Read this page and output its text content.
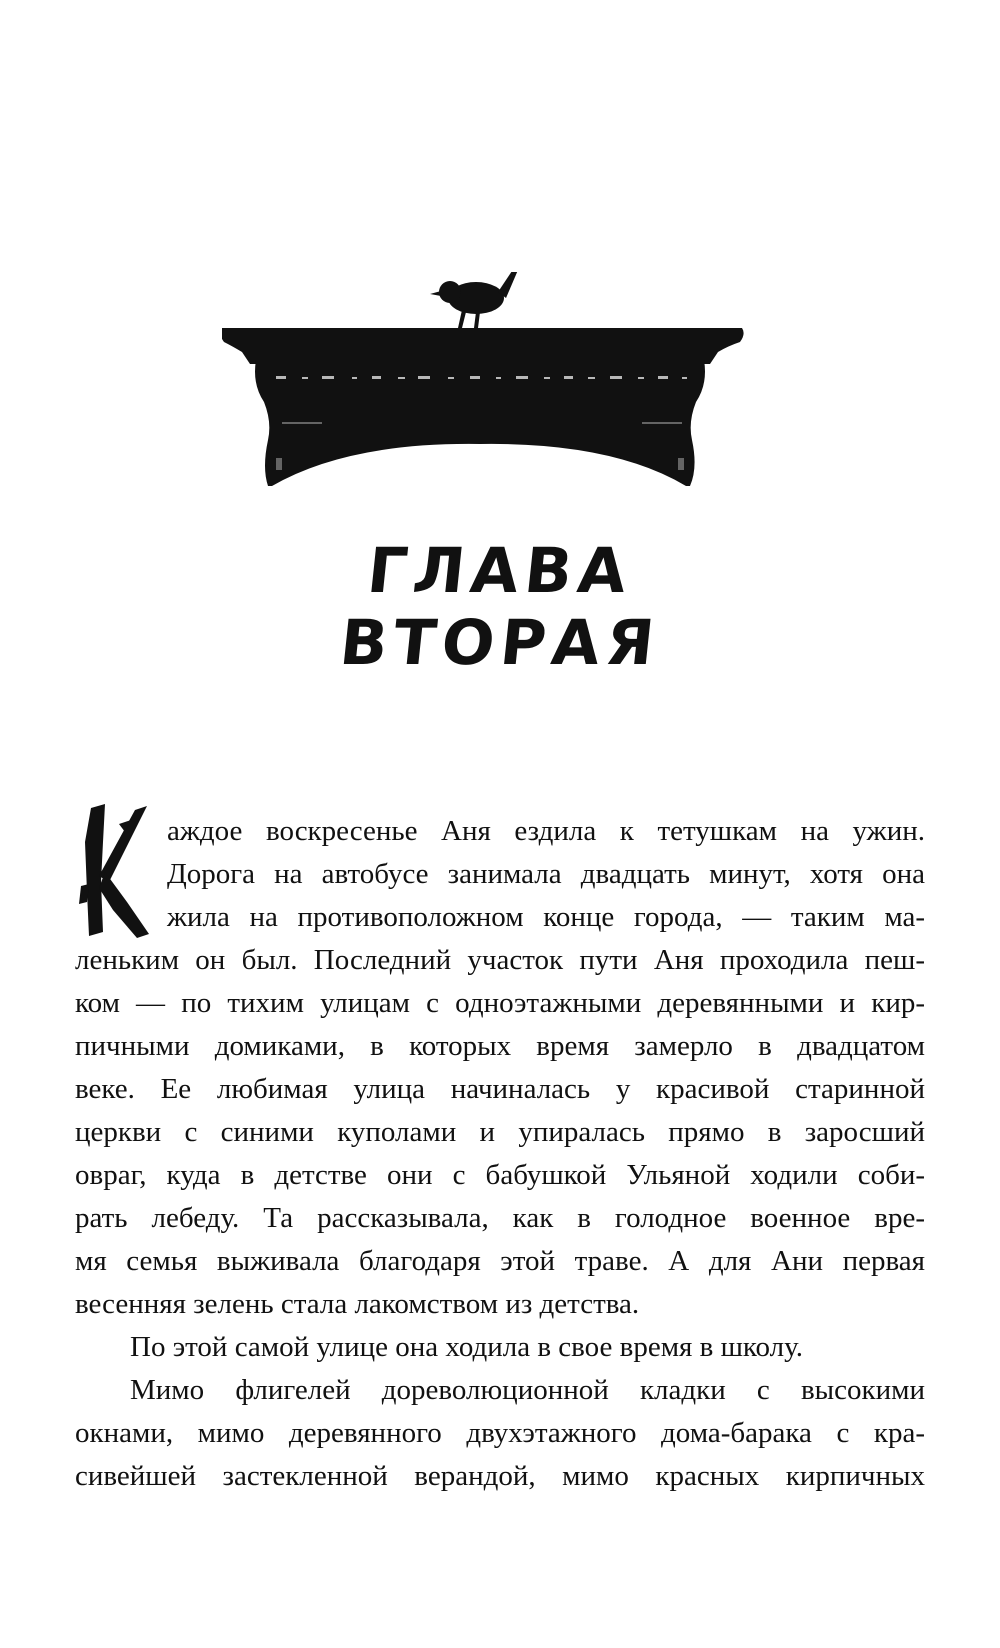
ГЛАВА
ВТОРАЯ
аждое воскресенье Аня ездила к тетушкам на ужин.
Дорога на автобусе занимала двадцать минут, хотя она
жила на противоположном конце города, — таким ма-
леньким он был. Последний участок пути Аня проходила пеш-
ком — по тихим улицам с одноэтажными деревянными и кир-
пичными домиками, в которых время замерло в двадцатом
веке. Ее любимая улица начиналась у красивой старинной
церкви с синими куполами и упиралась прямо в заросший
овраг, куда в детстве они с бабушкой Ульяной ходили соби-
рать лебеду. Та рассказывала, как в голодное военное вре-
мя семья выживала благодаря этой траве. А для Ани первая
весенняя зелень стала лакомством из детства.
По этой самой улице она ходила в свое время в школу.
Мимо флигелей дореволюционной кладки с высокими
окнами, мимо деревянного двухэтажного дома-барака с кра-
сивейшей застекленной верандой, мимо красных кирпичных
